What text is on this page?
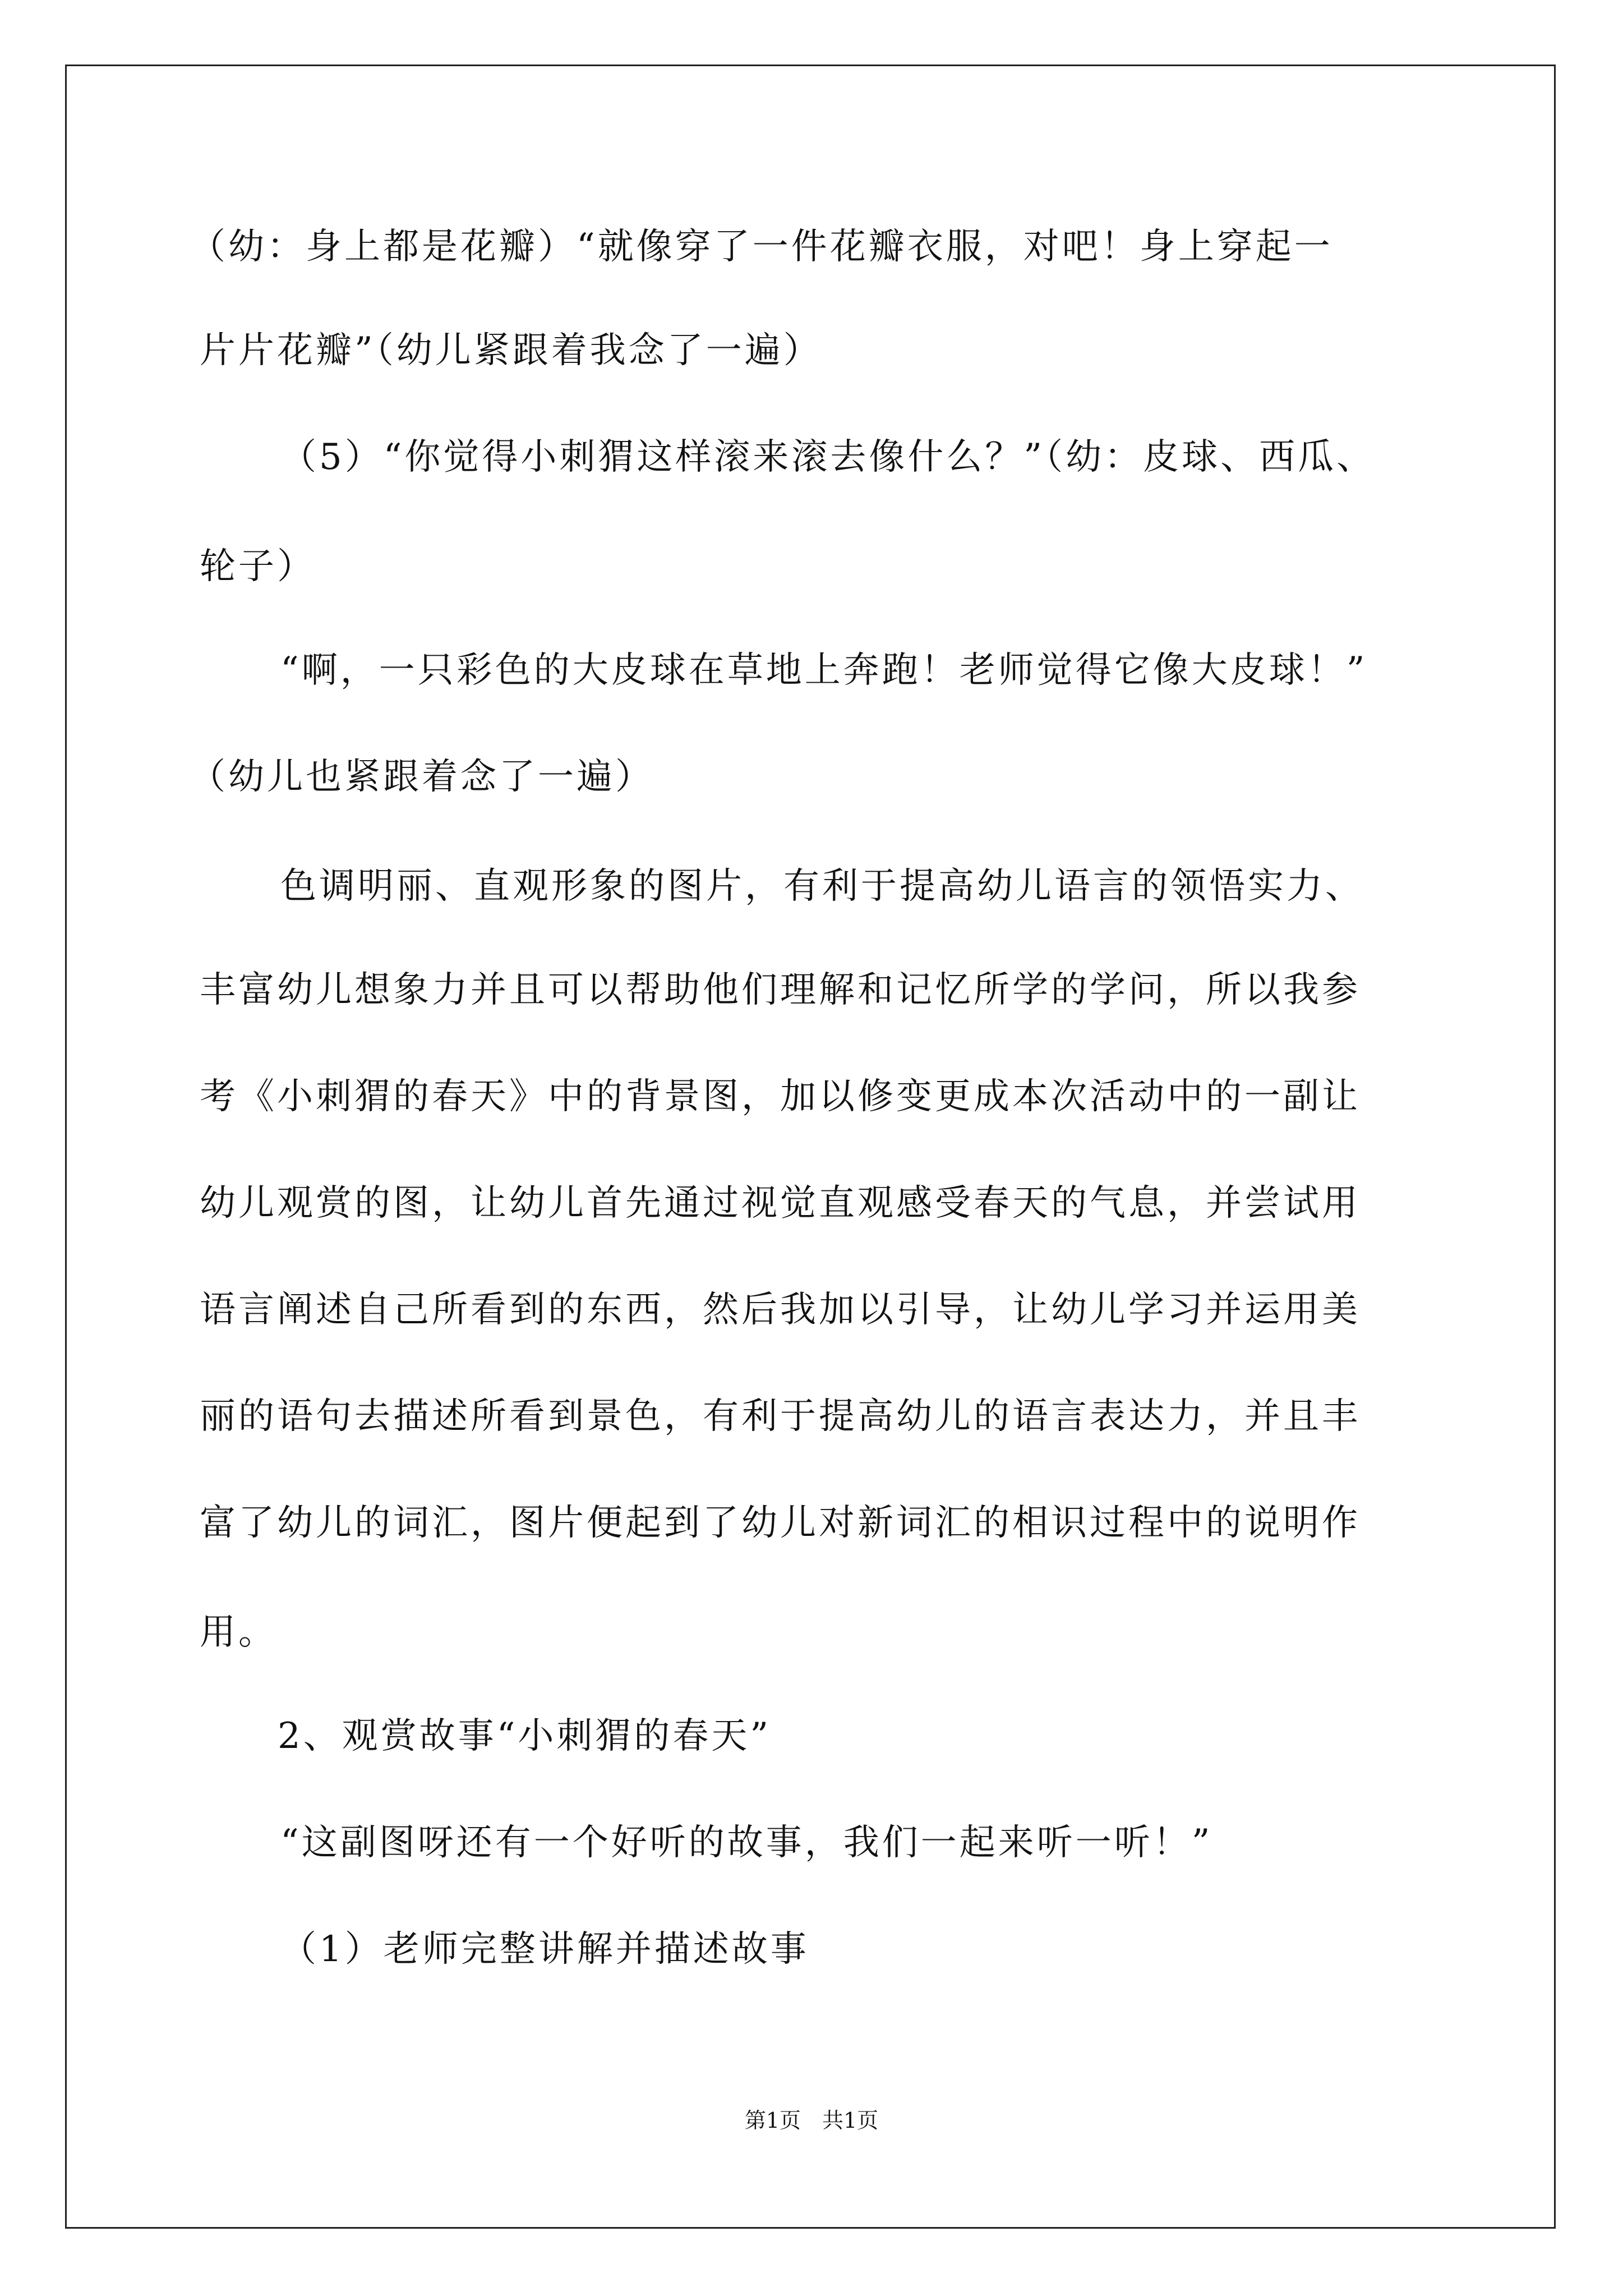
（幼：身上都是花瓣）“就像穿了一件花瓣衣服，对吧！身上穿起一
片片花瓣”（幼儿紧跟着我念了一遍）
（5）“你觉得小刺猬这样滚来滚去像什么？”（幼：皮球、西瓜、
轮子）
“啊，一只彩色的大皮球在草地上奔跑！老师觉得它像大皮球！”
（幼儿也紧跟着念了一遍）
色调明丽、直观形象的图片，有利于提高幼儿语言的领悟实力、
丰富幼儿想象力并且可以帮助他们理解和记忆所学的学问，所以我参
考《小刺猬的春天》中的背景图，加以修变更成本次活动中的一副让
幼儿观赏的图，让幼儿首先通过视觉直观感受春天的气息，并尝试用
语言阐述自己所看到的东西，然后我加以引导，让幼儿学习并运用美
丽的语句去描述所看到景色，有利于提高幼儿的语言表达力，并且丰
富了幼儿的词汇，图片便起到了幼儿对新词汇的相识过程中的说明作
用。
2、观赏故事“小刺猬的春天”
“这副图呀还有一个好听的故事，我们一起来听一听！”
（1）老师完整讲解并描述故事
第1页　共1页
